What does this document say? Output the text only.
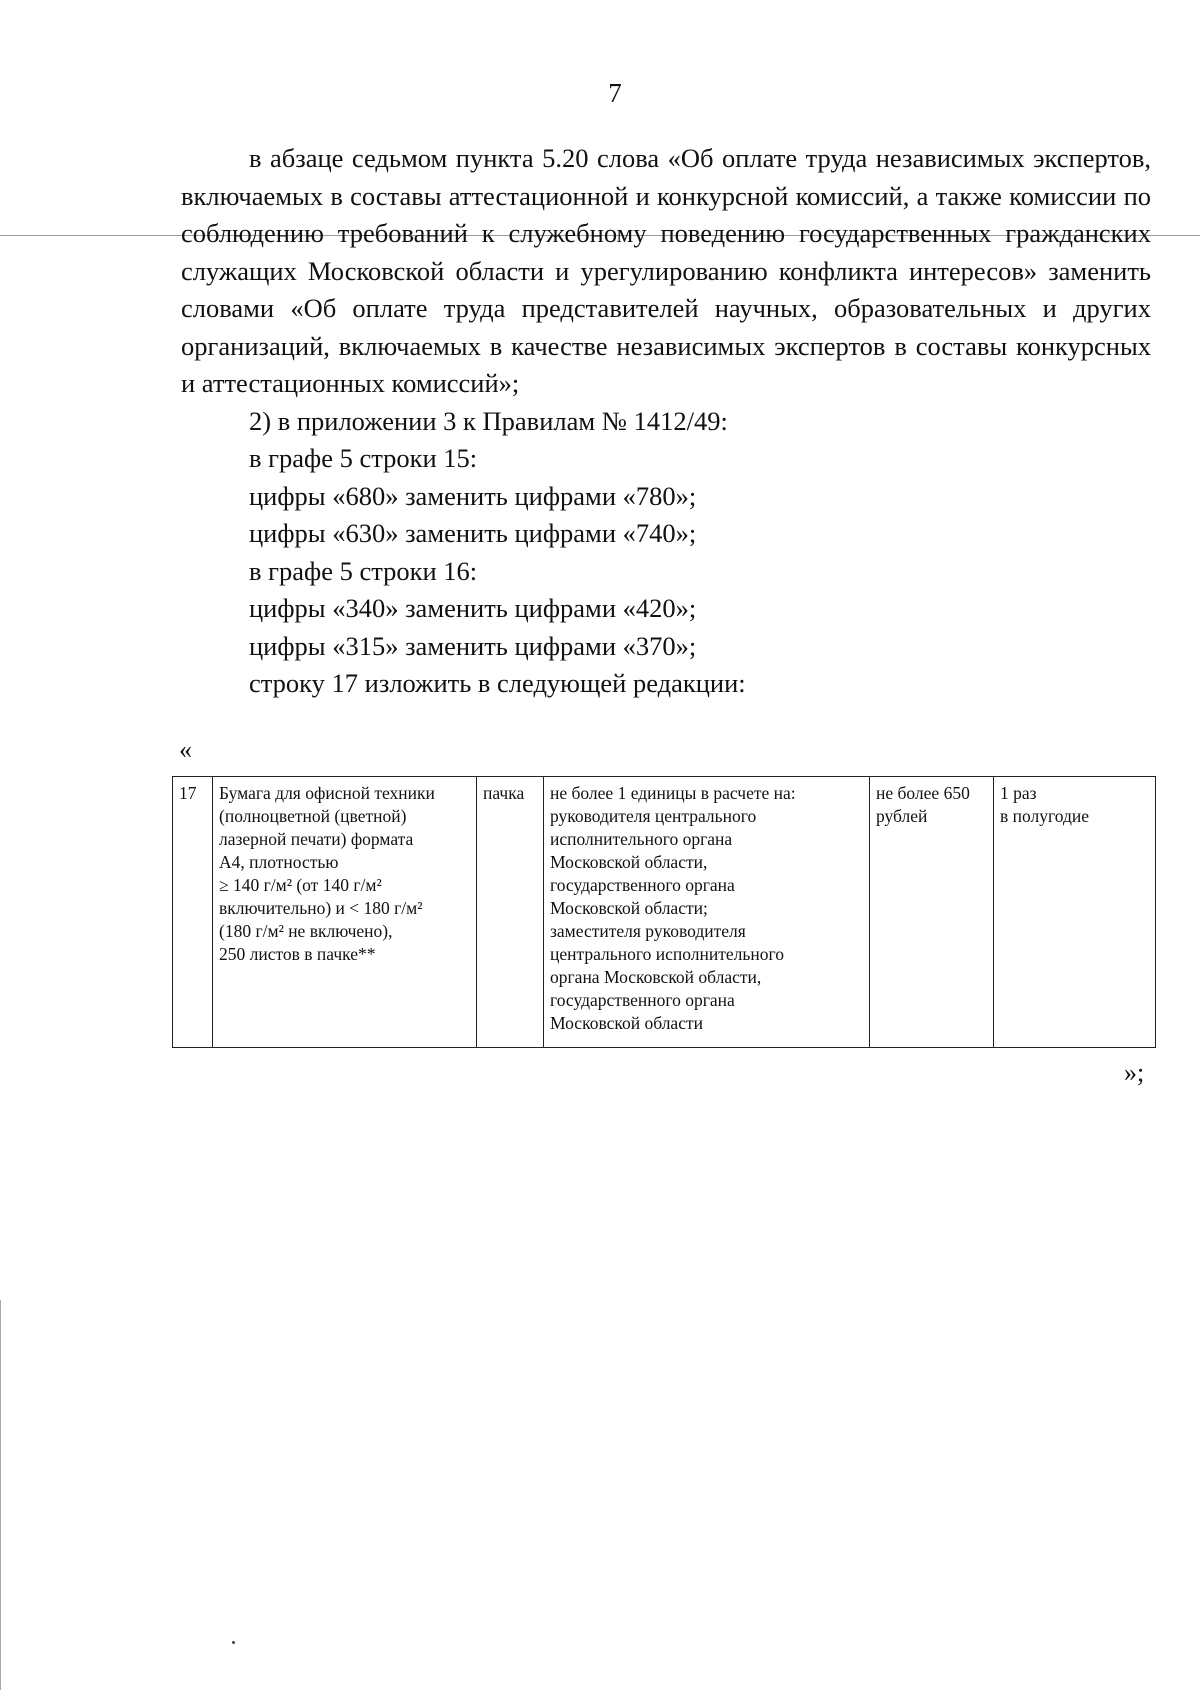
7

в абзаце седьмом пункта 5.20 слова «Об оплате труда независимых экспертов, включаемых в составы аттестационной и конкурсной комиссий, а также комиссии по соблюдению требований к служебному поведению государственных гражданских служащих Московской области и урегулированию конфликта интересов» заменить словами «Об оплате труда представителей научных, образовательных и других организаций, включаемых в качестве независимых экспертов в составы конкурсных и аттестационных комиссий»;

2) в приложении 3 к Правилам № 1412/49:

в графе 5 строки 15:

цифры «680» заменить цифрами «780»;

цифры «630» заменить цифрами «740»;

в графе 5 строки 16:

цифры «340» заменить цифрами «420»;

цифры «315» заменить цифрами «370»;

строку 17 изложить в следующей редакции:

«
17	Бумага для офисной техники
(полноцветной (цветной)
лазерной печати) формата
А4, плотностью
≥ 140 г/м² (от 140 г/м²
включительно) и < 180 г/м²
(180 г/м² не включено),
250 листов в пачке**	пачка	не более 1 единицы в расчете на:
руководителя центрального
исполнительного органа
Московской области,
государственного органа
Московской области;
заместителя руководителя
центрального исполнительного
органа Московской области,
государственного органа
Московской области	не более 650
рублей	1 раз
в полугодие
»;
